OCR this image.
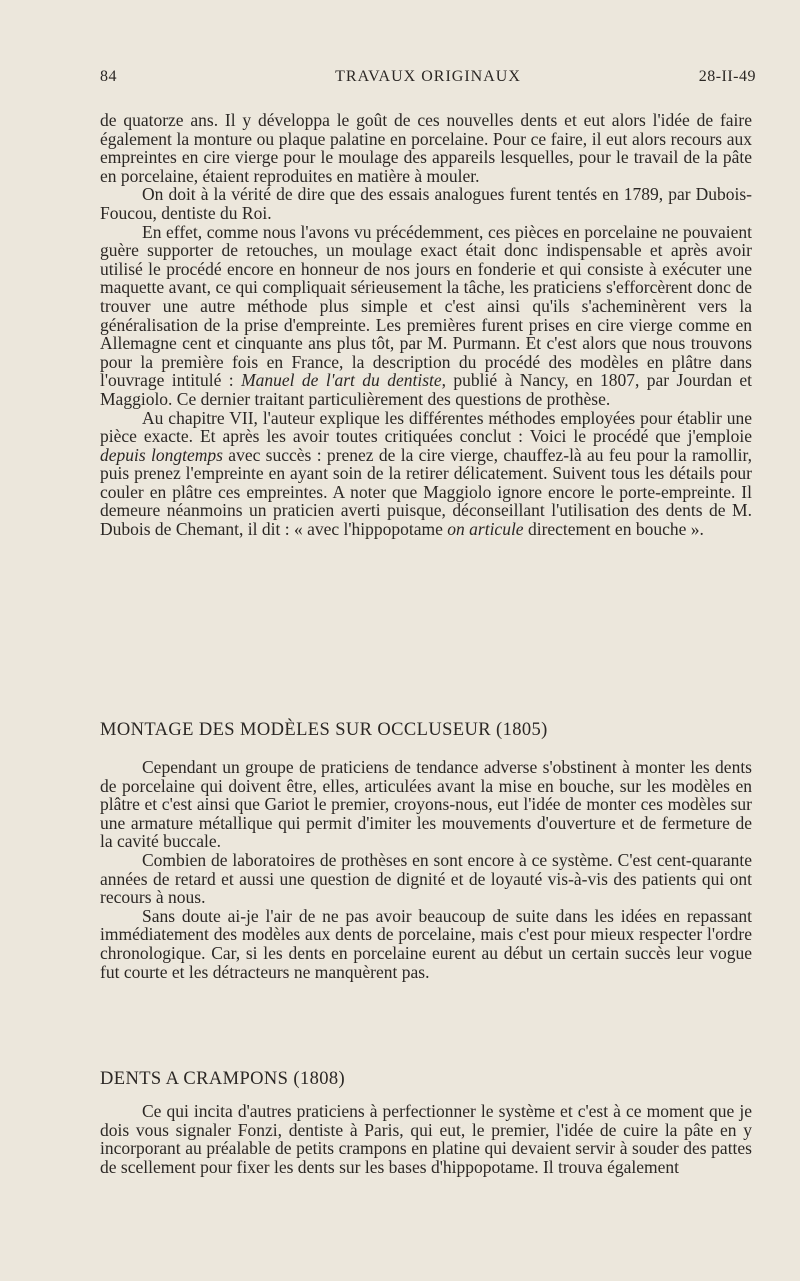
84	TRAVAUX ORIGINAUX	28-II-49

de quatorze ans. Il y développa le goût de ces nouvelles dents et eut alors l'idée de faire également la monture ou plaque palatine en porcelaine. Pour ce faire, il eut alors recours aux empreintes en cire vierge pour le moulage des appareils lesquelles, pour le travail de la pâte en porcelaine, étaient reproduites en matière à mouler.

On doit à la vérité de dire que des essais analogues furent tentés en 1789, par Dubois-Foucou, dentiste du Roi.

En effet, comme nous l'avons vu précédemment, ces pièces en porcelaine ne pouvaient guère supporter de retouches, un moulage exact était donc indispensable et après avoir utilisé le procédé encore en honneur de nos jours en fonderie et qui consiste à exécuter une maquette avant, ce qui compliquait sérieusement la tâche, les praticiens s'efforcèrent donc de trouver une autre méthode plus simple et c'est ainsi qu'ils s'acheminèrent vers la généralisation de la prise d'empreinte. Les premières furent prises en cire vierge comme en Allemagne cent et cinquante ans plus tôt, par M. Purmann. Et c'est alors que nous trouvons pour la première fois en France, la description du procédé des modèles en plâtre dans l'ouvrage intitulé : Manuel de l'art du dentiste, publié à Nancy, en 1807, par Jourdan et Maggiolo. Ce dernier traitant particulièrement des questions de prothèse.

Au chapitre VII, l'auteur explique les différentes méthodes employées pour établir une pièce exacte. Et après les avoir toutes critiquées conclut : Voici le procédé que j'emploie depuis longtemps avec succès : prenez de la cire vierge, chauffez-là au feu pour la ramollir, puis prenez l'empreinte en ayant soin de la retirer délicatement. Suivent tous les détails pour couler en plâtre ces empreintes. A noter que Maggiolo ignore encore le porte-empreinte. Il demeure néanmoins un praticien averti puisque, déconseillant l'utilisation des dents de M. Dubois de Chemant, il dit : « avec l'hippopotame on articule directement en bouche ».

MONTAGE DES MODÈLES SUR OCCLUSEUR (1805)

Cependant un groupe de praticiens de tendance adverse s'obstinent à monter les dents de porcelaine qui doivent être, elles, articulées avant la mise en bouche, sur les modèles en plâtre et c'est ainsi que Gariot le premier, croyons-nous, eut l'idée de monter ces modèles sur une armature métallique qui permit d'imiter les mouvements d'ouverture et de fermeture de la cavité buccale.

Combien de laboratoires de prothèses en sont encore à ce système. C'est cent-quarante années de retard et aussi une question de dignité et de loyauté vis-à-vis des patients qui ont recours à nous.

Sans doute ai-je l'air de ne pas avoir beaucoup de suite dans les idées en repassant immédiatement des modèles aux dents de porcelaine, mais c'est pour mieux respecter l'ordre chronologique. Car, si les dents en porcelaine eurent au début un certain succès leur vogue fut courte et les détracteurs ne manquèrent pas.

DENTS A CRAMPONS (1808)

Ce qui incita d'autres praticiens à perfectionner le système et c'est à ce moment que je dois vous signaler Fonzi, dentiste à Paris, qui eut, le premier, l'idée de cuire la pâte en y incorporant au préalable de petits crampons en platine qui devaient servir à souder des pattes de scellement pour fixer les dents sur les bases d'hippopotame. Il trouva également
